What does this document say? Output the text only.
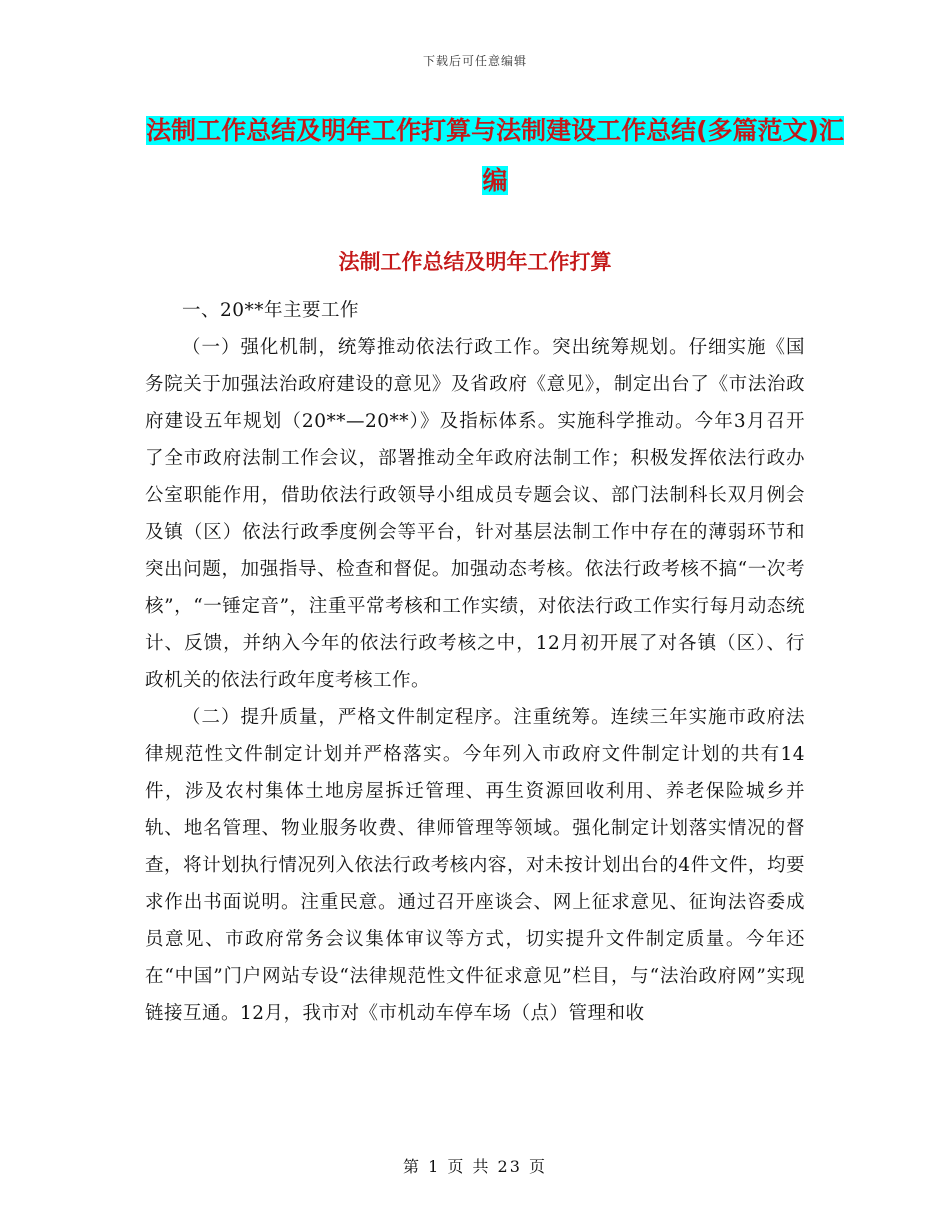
下载后可任意编辑
法制工作总结及明年工作打算与法制建设工作总结(多篇范文)汇编
法制工作总结及明年工作打算

一、20**年主要工作

（一）强化机制，统筹推动依法行政工作。突出统筹规划。仔细实施《国务院关于加强法治政府建设的意见》及省政府《意见》，制定出台了《市法治政府建设五年规划（20**—20**）》及指标体系。实施科学推动。今年3月召开了全市政府法制工作会议，部署推动全年政府法制工作；积极发挥依法行政办公室职能作用，借助依法行政领导小组成员专题会议、部门法制科长双月例会及镇（区）依法行政季度例会等平台，针对基层法制工作中存在的薄弱环节和突出问题，加强指导、检查和督促。加强动态考核。依法行政考核不搞“一次考核”，“一锤定音”，注重平常考核和工作实绩，对依法行政工作实行每月动态统计、反馈，并纳入今年的依法行政考核之中，12月初开展了对各镇（区）、行政机关的依法行政年度考核工作。

（二）提升质量，严格文件制定程序。注重统筹。连续三年实施市政府法律规范性文件制定计划并严格落实。今年列入市政府文件制定计划的共有14件，涉及农村集体土地房屋拆迁管理、再生资源回收利用、养老保险城乡并轨、地名管理、物业服务收费、律师管理等领域。强化制定计划落实情况的督查，将计划执行情况列入依法行政考核内容，对未按计划出台的4件文件，均要求作出书面说明。注重民意。通过召开座谈会、网上征求意见、征询法咨委成员意见、市政府常务会议集体审议等方式，切实提升文件制定质量。今年还在“中国”门户网站专设“法律规范性文件征求意见”栏目，与“法治政府网”实现链接互通。12月，我市对《市机动车停车场（点）管理和收

第 1 页 共 23 页
